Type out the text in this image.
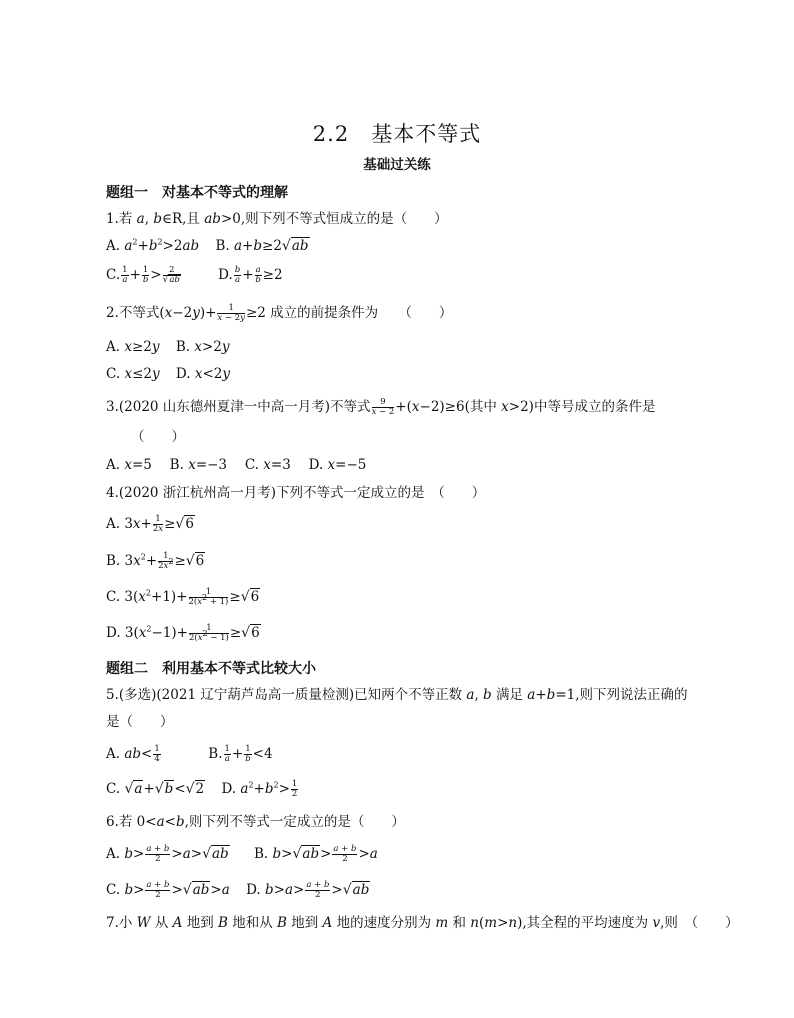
2.2　基本不等式
基础过关练
题组一　对基本不等式的理解
1.若 a, b∈R,且 ab>0,则下列不等式恒成立的是（　　）
A. $a^2+b^2>2ab$ B. a+b≥2√ab
C. $\frac{1}{a} + \frac{1}{b} > \frac{2}{√ab}$	D. $\frac{b}{a} + \frac{a}{b} \ge 2$
2.不等式$(x-2y)+ \frac{1}{x - 2y} \ge 2$ 成立的前提条件为　　（　　）
A. x≥2y B. x>2y
C. x≤2y D. x<2y
3.(2020 山东德州夏津一中高一月考)不等式 $\frac{9}{x - 2} +(x-2)\ge 6$(其中 x>2)中等号成立的条件是
（　　）
A. x=5　 B. x=−3　 C. x=3　 D. x=−5
4.(2020 浙江杭州高一月考)下列不等式一定成立的是　（　　）
A. $3x+ \frac{1}{2x} \ge√6$
B. $3x^2+ \frac{1}{2x^2} \ge√6$
C. $3(x^2+1)+ \frac{1}{2(x^2 + 1)} \ge√6$
D. $3(x^2-1)+ \frac{1}{2(x^2 - 1)} \ge√6$
题组二　利用基本不等式比较大小
5.(多选)(2021 辽宁葫芦岛高一质量检测)已知两个不等正数 a, b 满足 a+b=1,则下列说法正确的
是（　　）
A. $ab< \frac{1}{4}$	B. $\frac{1}{a} + \frac{1}{b} <4$
C. √a+√b<√2 D. $a^2+b^2> \frac{1}{2}$
6.若 0<a<b,则下列不等式一定成立的是（　　）
A. $b> \frac{a + b}{2} >a>√ab$ B. $b>√ab> \frac{a + b}{2} >a$
C. $b> \frac{a + b}{2} >√ab>a$ D. $b>a> \frac{a + b}{2} >√ab$
7.小 W 从 A 地到 B 地和从 B 地到 A 地的速度分别为 m 和 n(m>n),其全程的平均速度为 v,则　（　　）
